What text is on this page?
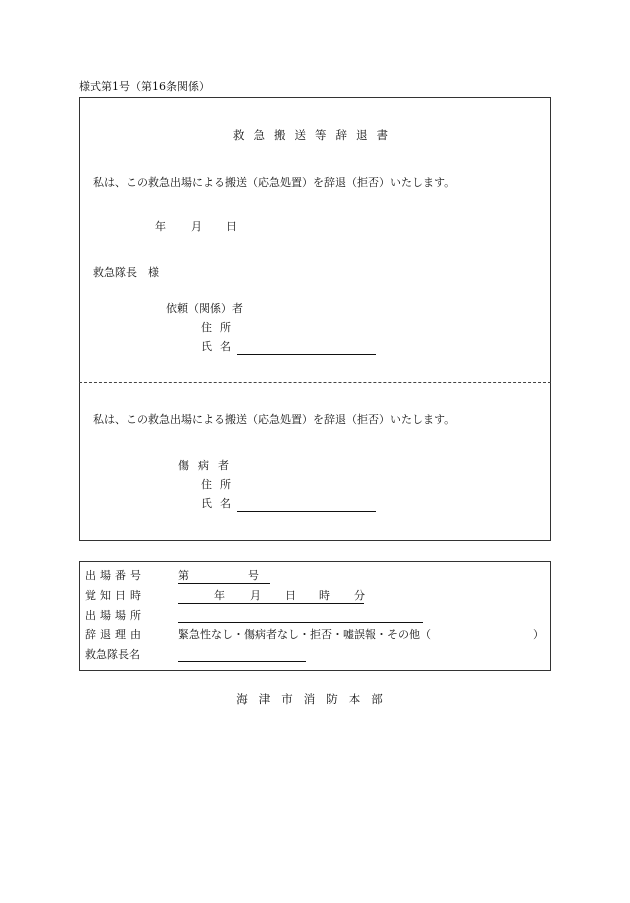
様式第1号（第16条関係）
救急搬送等辞退書
私は、この救急出場による搬送（応急処置）を辞退（拒否）いたします。
年 月 日
救急隊長　様
依頼（関係）者
住所
氏名
私は、この救急出場による搬送（応急処置）を辞退（拒否）いたします。
傷病者
住所
氏名
出場番号	第	号
覚知日時	年 月 日 時 分
出場場所
辞退理由	緊急性なし・傷病者なし・拒否・嘘誤報・その他（	）
救急隊長名
海津市消防本部
